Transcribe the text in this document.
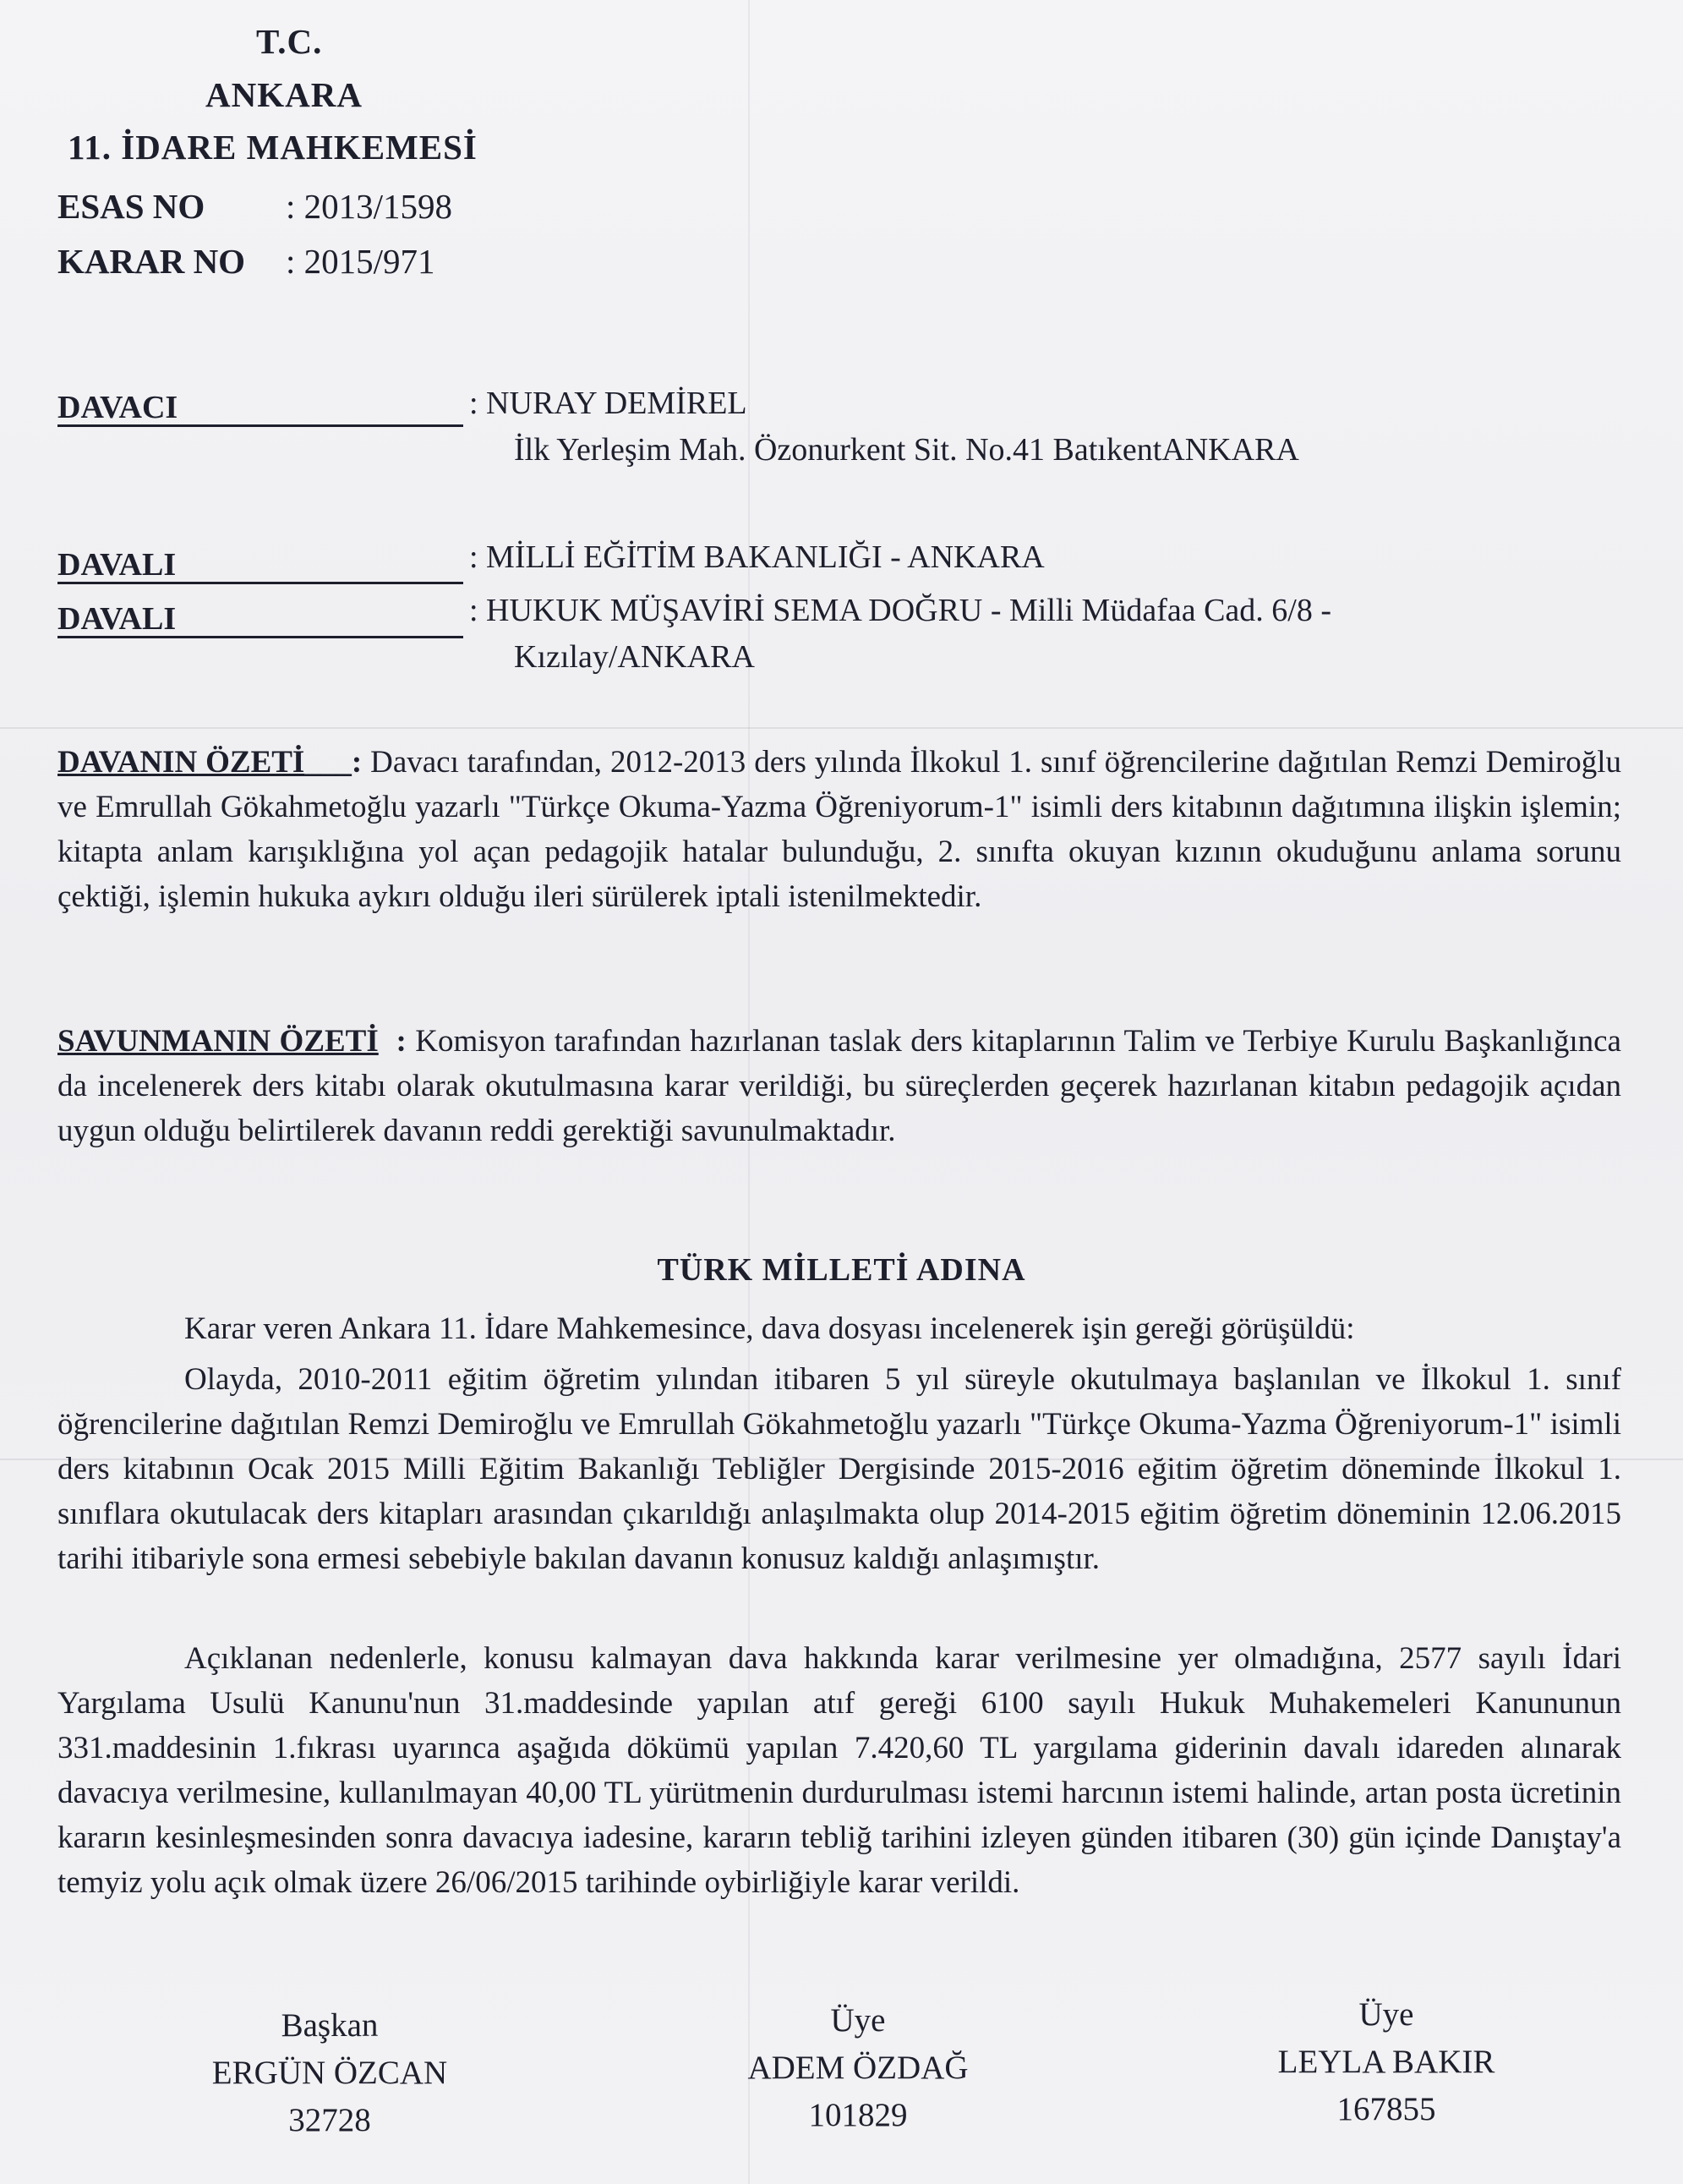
T.C.
ANKARA
11. İDARE MAHKEMESİ
ESAS NO : 2013/1598
KARAR NO : 2015/971
DAVACI	: NURAY DEMİREL
İlk Yerleşim Mah. Özonurkent Sit. No.41 BatıkentANKARA
DAVALI	: MİLLİ EĞİTİM BAKANLIĞI - ANKARA
DAVALI	: HUKUK MÜŞAVİRİ SEMA DOĞRU - Milli Müdafaa Cad. 6/8 -
Kızılay/ANKARA
DAVANIN ÖZETİ___: Davacı tarafından, 2012-2013 ders yılında İlkokul 1. sınıf öğrencilerine dağıtılan Remzi Demiroğlu ve Emrullah Gökahmetoğlu yazarlı "Türkçe Okuma-Yazma Öğreniyorum-1" isimli ders kitabının dağıtımına ilişkin işlemin; kitapta anlam karışıklığına yol açan pedagojik hatalar bulunduğu, 2. sınıfta okuyan kızının okuduğunu anlama sorunu çektiği, işlemin hukuka aykırı olduğu ileri sürülerek iptali istenilmektedir.
SAVUNMANIN ÖZETİ  : Komisyon tarafından hazırlanan taslak ders kitaplarının Talim ve Terbiye Kurulu Başkanlığınca da incelenerek ders kitabı olarak okutulmasına karar verildiği, bu süreçlerden geçerek hazırlanan kitabın pedagojik açıdan uygun olduğu belirtilerek davanın reddi gerektiği savunulmaktadır.
TÜRK MİLLETİ ADINA
Karar veren Ankara 11. İdare Mahkemesince, dava dosyası incelenerek işin gereği görüşüldü:
Olayda, 2010-2011 eğitim öğretim yılından itibaren 5 yıl süreyle okutulmaya başlanılan ve İlkokul 1. sınıf öğrencilerine dağıtılan Remzi Demiroğlu ve Emrullah Gökahmetoğlu yazarlı "Türkçe Okuma-Yazma Öğreniyorum-1" isimli ders kitabının Ocak 2015 Milli Eğitim Bakanlığı Tebliğler Dergisinde 2015-2016 eğitim öğretim döneminde İlkokul 1. sınıflara okutulacak ders kitapları arasından çıkarıldığı anlaşılmakta olup 2014-2015 eğitim öğretim döneminin 12.06.2015 tarihi itibariyle sona ermesi sebebiyle bakılan davanın konusuz kaldığı anlaşımıştır.
Açıklanan nedenlerle, konusu kalmayan dava hakkında karar verilmesine yer olmadığına, 2577 sayılı İdari Yargılama Usulü Kanunu'nun 31.maddesinde yapılan atıf gereği 6100 sayılı Hukuk Muhakemeleri Kanununun 331.maddesinin 1.fıkrası uyarınca aşağıda dökümü yapılan 7.420,60 TL yargılama giderinin davalı idareden alınarak davacıya verilmesine, kullanılmayan 40,00 TL yürütmenin durdurulması istemi harcının istemi halinde, artan posta ücretinin kararın kesinleşmesinden sonra davacıya iadesine, kararın tebliğ tarihini izleyen günden itibaren (30) gün içinde Danıştay'a temyiz yolu açık olmak üzere 26/06/2015 tarihinde oybirliğiyle karar verildi.
Başkan
ERGÜN ÖZCAN
32728
Üye
ADEM ÖZDAĞ
101829
Üye
LEYLA BAKIR
167855
